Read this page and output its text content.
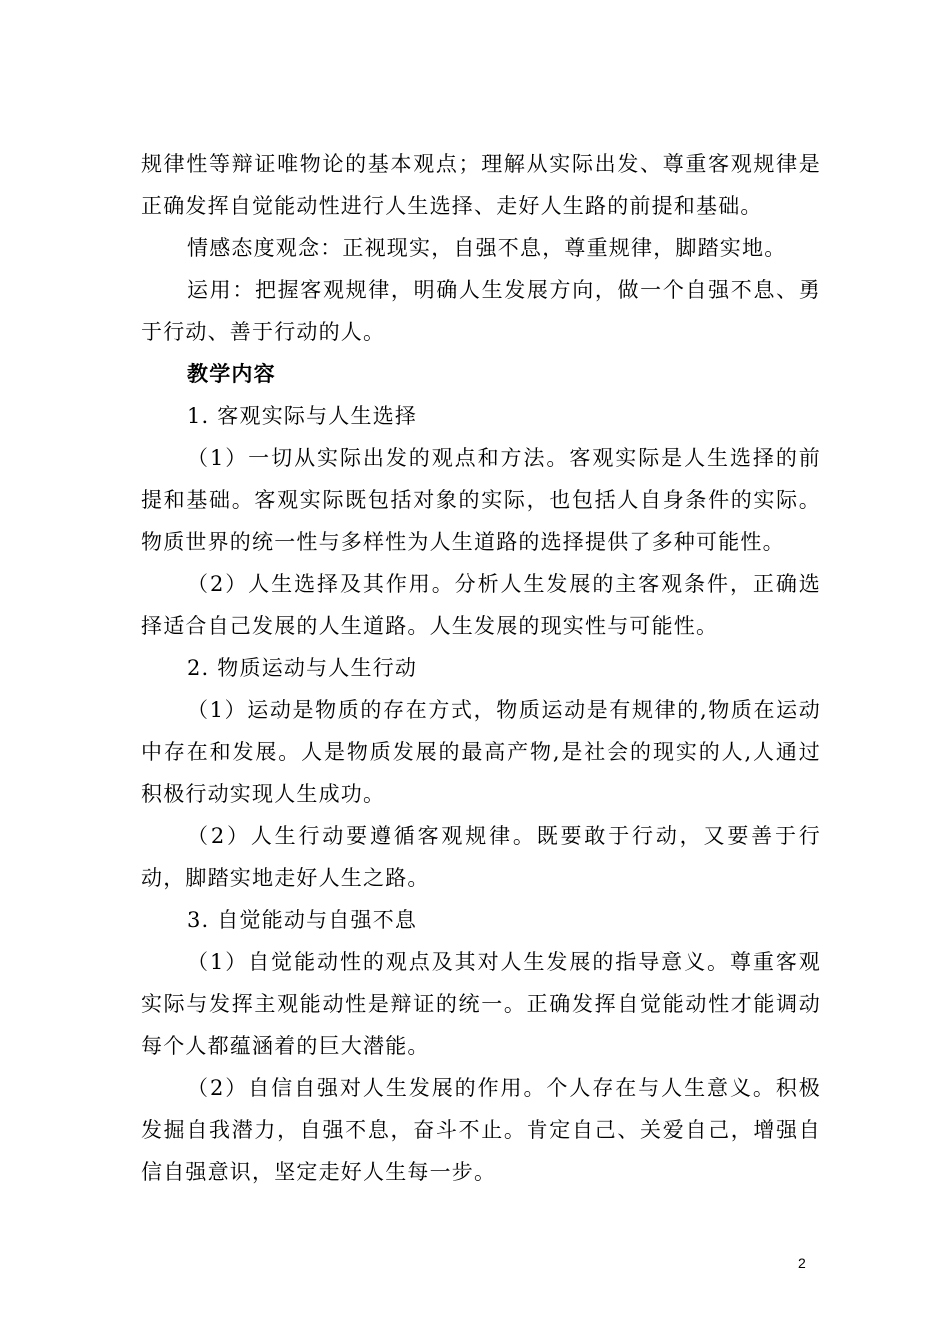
规律性等辩证唯物论的基本观点；理解从实际出发、尊重客观规律是正确发挥自觉能动性进行人生选择、走好人生路的前提和基础。

情感态度观念：正视现实，自强不息，尊重规律，脚踏实地。

运用：把握客观规律，明确人生发展方向，做一个自强不息、勇于行动、善于行动的人。

教学内容

1. 客观实际与人生选择

（1）一切从实际出发的观点和方法。客观实际是人生选择的前提和基础。客观实际既包括对象的实际，也包括人自身条件的实际。物质世界的统一性与多样性为人生道路的选择提供了多种可能性。

（2）人生选择及其作用。分析人生发展的主客观条件，正确选择适合自己发展的人生道路。人生发展的现实性与可能性。

2. 物质运动与人生行动

（1）运动是物质的存在方式，物质运动是有规律的,物质在运动中存在和发展。人是物质发展的最高产物,是社会的现实的人,人通过积极行动实现人生成功。

（2）人生行动要遵循客观规律。既要敢于行动，又要善于行动，脚踏实地走好人生之路。

3. 自觉能动与自强不息

（1）自觉能动性的观点及其对人生发展的指导意义。尊重客观实际与发挥主观能动性是辩证的统一。正确发挥自觉能动性才能调动每个人都蕴涵着的巨大潜能。

（2）自信自强对人生发展的作用。个人存在与人生意义。积极发掘自我潜力，自强不息，奋斗不止。肯定自己、关爱自己，增强自信自强意识，坚定走好人生每一步。

2
